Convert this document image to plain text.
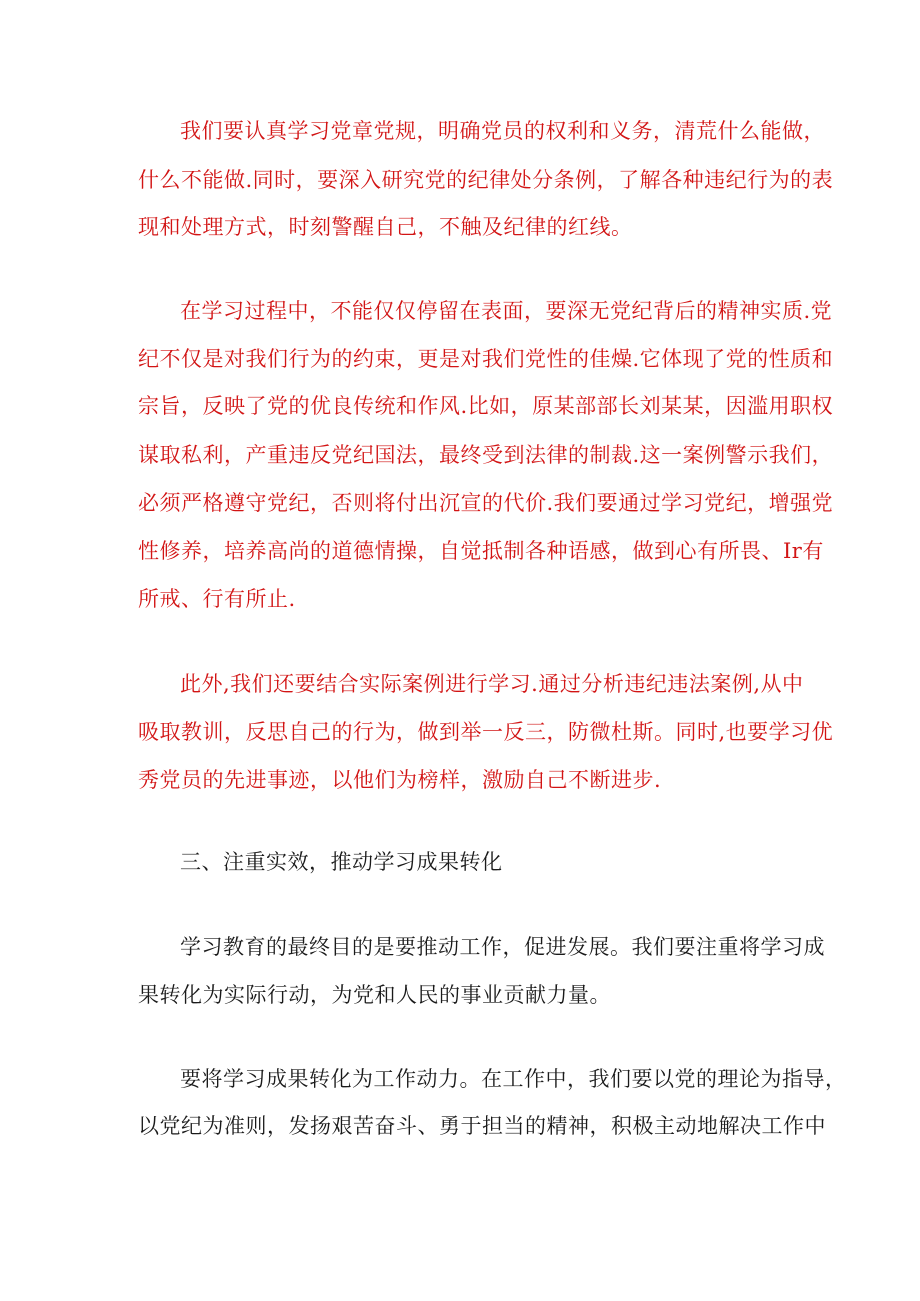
我们要认真学习党章党规，明确党员的权利和义务，清荒什么能做，
什么不能做.同时，要深入研究党的纪律处分条例，了解各种违纪行为的表
现和处理方式，时刻警醒自己，不触及纪律的红线。
在学习过程中，不能仅仅停留在表面，要深无党纪背后的精神实质.党
纪不仅是对我们行为的约束，更是对我们党性的佳燥.它体现了党的性质和
宗旨，反映了党的优良传统和作风.比如，原某部部长刘某某，因滥用职权
谋取私利，产重违反党纪国法，最终受到法律的制裁.这一案例警示我们，
必须严格遵守党纪，否则将付出沉宣的代价.我们要通过学习党纪，增强党
性修养，培养高尚的道德情操，自觉抵制各种语感，做到心有所畏、Ir有
所戒、行有所止.
此外,我们还要结合实际案例进行学习.通过分析违纪违法案例,从中
吸取教训，反思自己的行为，做到举一反三，防微杜斯。同时,也要学习优
秀党员的先进事迹，以他们为榜样，激励自己不断进步.
三、注重实效，推动学习成果转化
学习教育的最终目的是要推动工作，促进发展。我们要注重将学习成
果转化为实际行动，为党和人民的事业贡献力量。
要将学习成果转化为工作动力。在工作中，我们要以党的理论为指导，
以党纪为准则，发扬艰苦奋斗、勇于担当的精神，积极主动地解决工作中
